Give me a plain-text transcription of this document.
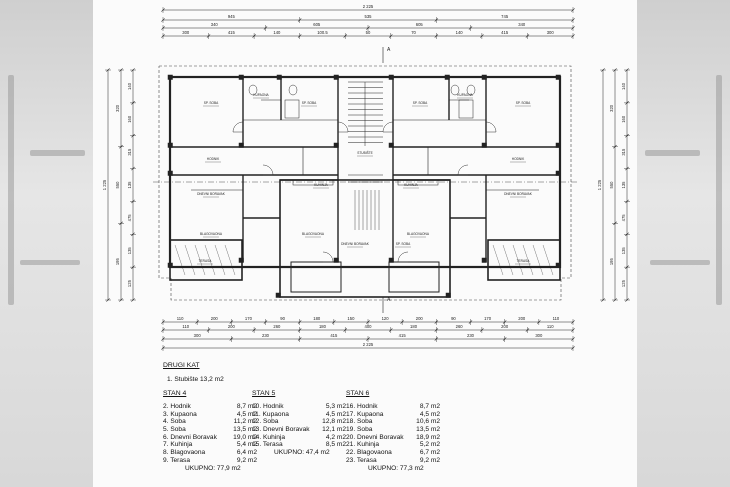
2 225
945	535	745
340	605	605	340
300	415	140	100.5	50	70	140	415	300
110	200	170	90	180	150	120	200	90	170	200	110
110	200	260	180	400	180	260	200	110
300	230	415	415	230	300
2 225
1 225
320
550
195
140
160
315
135
475
135
125
1 225
320
550
195
140
160
315
135
475
135
125
SP. SOBA
KUPAONA
SP. SOBA	SP. SOBA
KUPAONA
SP. SOBA
HODNIK	HODNIK
STUBIŠTE
KUHINJA	KUHINJA
DNEVNI BORAVAK	DNEVNI BORAVAK
BLAGOVAONA	BLAGOVAONA
DNEVNI BORAVAK	SP. SOBA
BLAGOVAONA
TERASA	TERASA
A
A
DRUGI KAT
1. Stubište 13,2 m2
STAN 4
2. Hodnik	8,7 m2
3. Kupaona	4,5 m2
4. Soba	11,2 m2
5. Soba	13,5 m2
6. Dnevni Boravak	19,0 m2
7. Kuhinja	5,4 m2
8. Blagovaona	6,4 m2
9. Terasa	9,2 m2
UKUPNO: 77,9 m2
STAN 5
10. Hodnik	5,3 m2
11. Kupaona	4,5 m2
12. Soba	12,8 m2
13. Dnevni Boravak	12,1 m2
14. Kuhinja	4,2 m2
15. Terasa	8,5 m2
UKUPNO: 47,4 m2
STAN 6
16. Hodnik	8,7 m2
17. Kupaona	4,5 m2
18. Soba	10,6 m2
19. Soba	13,5 m2
20. Dnevni Boravak	18,9 m2
21. Kuhinja	5,2 m2
22. Blagovaona	6,7 m2
23. Terasa	9,2 m2
UKUPNO: 77,3 m2
